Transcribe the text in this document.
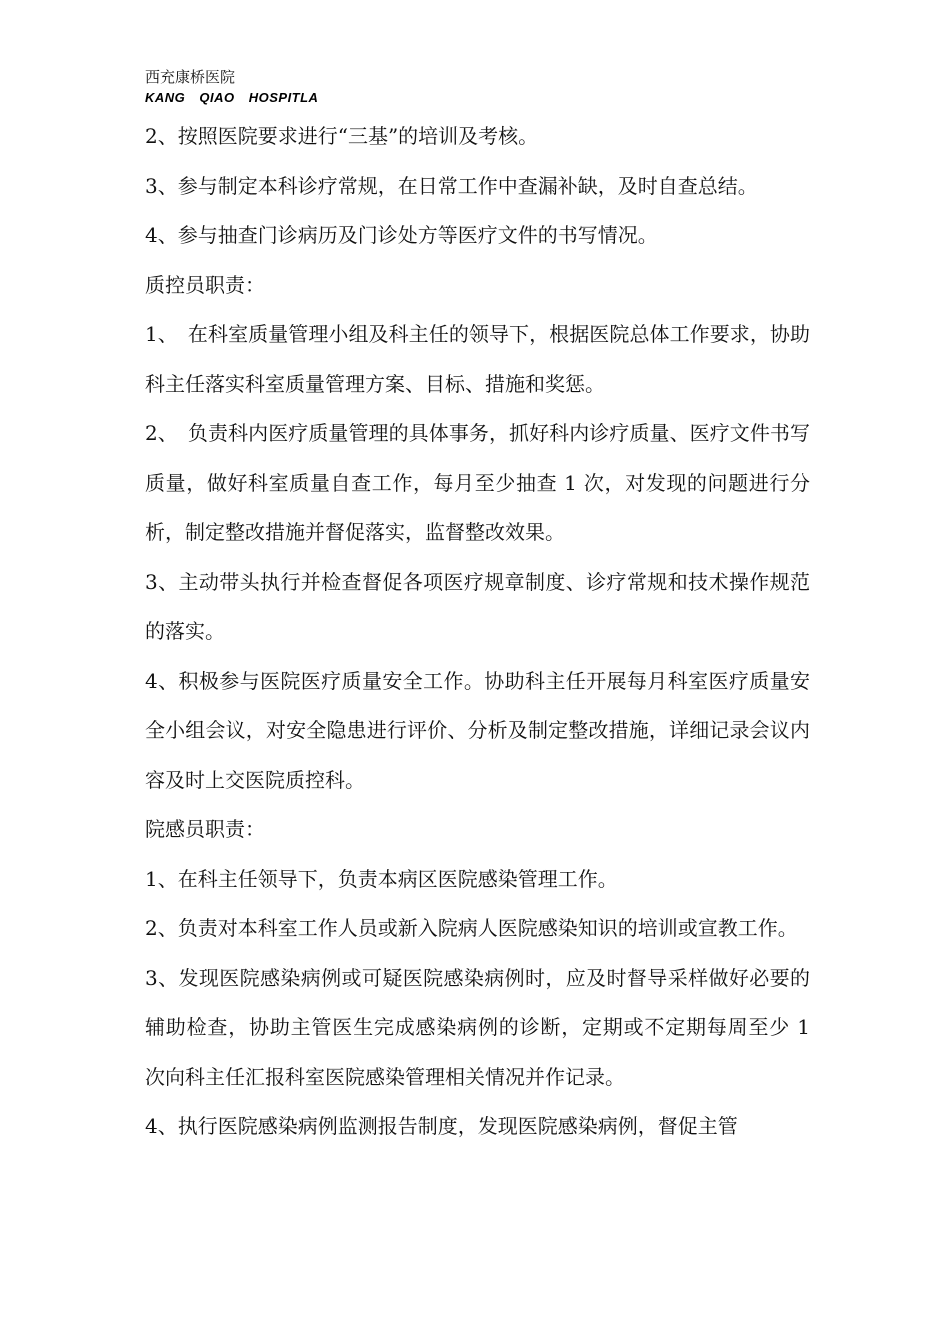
西充康桥医院
KANG QIAO HOSPITLA

2、按照医院要求进行“三基”的培训及考核。

3、参与制定本科诊疗常规，在日常工作中查漏补缺，及时自查总结。

4、参与抽查门诊病历及门诊处方等医疗文件的书写情况。

质控员职责：

1、　在科室质量管理小组及科主任的领导下，根据医院总体工作要求，协助科主任落实科室质量管理方案、目标、措施和奖惩。

2、　负责科内医疗质量管理的具体事务，抓好科内诊疗质量、医疗文件书写质量，做好科室质量自查工作，每月至少抽查 1 次，对发现的问题进行分析，制定整改措施并督促落实，监督整改效果。

3、主动带头执行并检查督促各项医疗规章制度、诊疗常规和技术操作规范的落实。

4、积极参与医院医疗质量安全工作。协助科主任开展每月科室医疗质量安全小组会议，对安全隐患进行评价、分析及制定整改措施，详细记录会议内容及时上交医院质控科。

院感员职责：

1、在科主任领导下，负责本病区医院感染管理工作。

2、负责对本科室工作人员或新入院病人医院感染知识的培训或宣教工作。

3、发现医院感染病例或可疑医院感染病例时，应及时督导采样做好必要的辅助检查，协助主管医生完成感染病例的诊断，定期或不定期每周至少 1 次向科主任汇报科室医院感染管理相关情况并作记录。

4、执行医院感染病例监测报告制度，发现医院感染病例，督促主管
